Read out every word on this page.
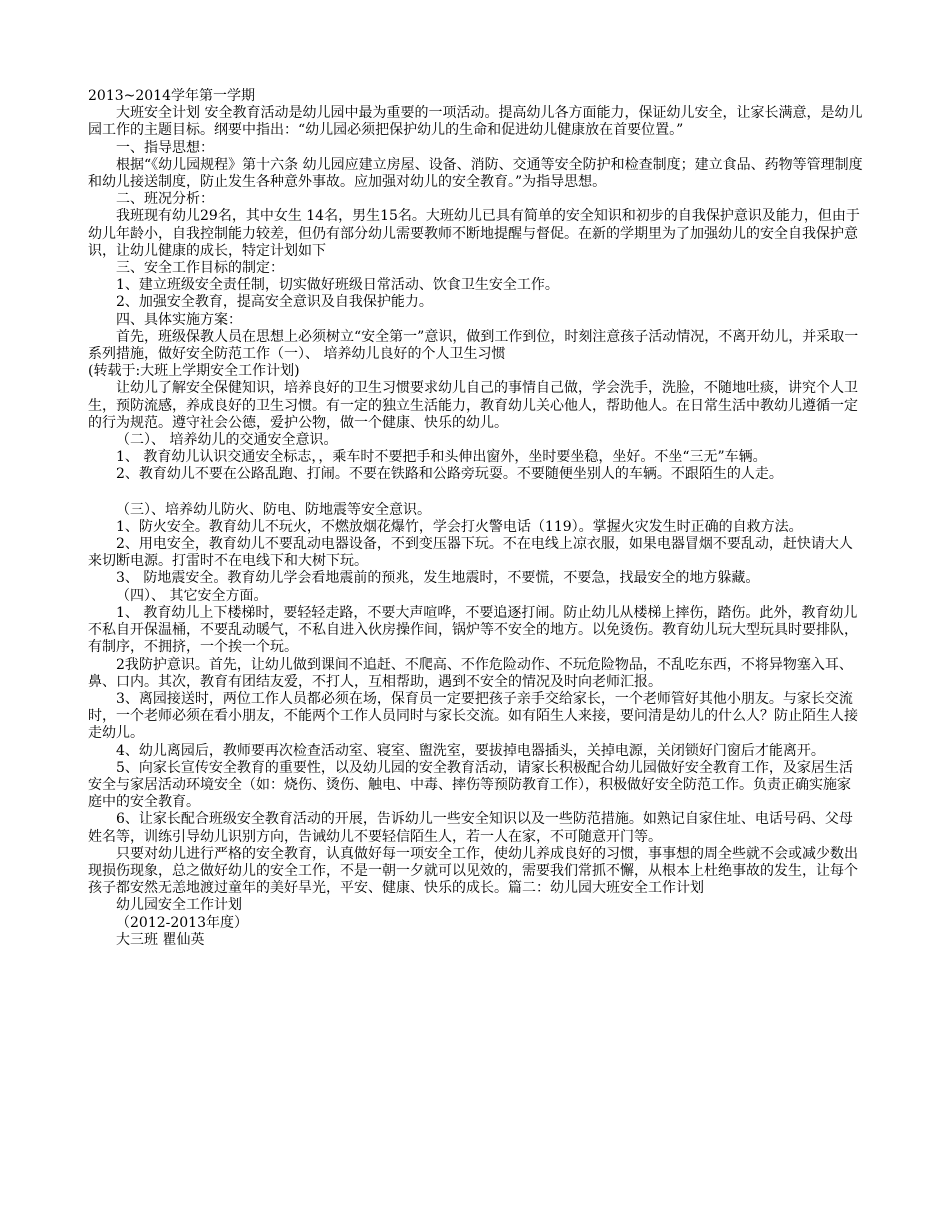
2013~2014学年第一学期

大班安全计划 安全教育活动是幼儿园中最为重要的一项活动。提高幼儿各方面能力，保证幼儿安全，让家长满意，是幼儿园工作的主题目标。纲要中指出：“幼儿园必须把保护幼儿的生命和促进幼儿健康放在首要位置。”

一、指导思想：

根据“《幼儿园规程》第十六条 幼儿园应建立房屋、设备、消防、交通等安全防护和检查制度；建立食品、药物等管理制度和幼儿接送制度，防止发生各种意外事故。应加强对幼儿的安全教育。”为指导思想。

二、班况分析：

我班现有幼儿29名，其中女生 14名，男生15名。大班幼儿已具有简单的安全知识和初步的自我保护意识及能力，但由于幼儿年龄小，自我控制能力较差，但仍有部分幼儿需要教师不断地提醒与督促。在新的学期里为了加强幼儿的安全自我保护意识，让幼儿健康的成长，特定计划如下

三、安全工作目标的制定：

1、建立班级安全责任制，切实做好班级日常活动、饮食卫生安全工作。

2、加强安全教育，提高安全意识及自我保护能力。

四、具体实施方案：

首先，班级保教人员在思想上必须树立“安全第一”意识，做到工作到位，时刻注意孩子活动情况，不离开幼儿，并采取一系列措施，做好安全防范工作（一）、 培养幼儿良好的个人卫生习惯

(转载于:大班上学期安全工作计划)

让幼儿了解安全保健知识，培养良好的卫生习惯要求幼儿自己的事情自己做，学会洗手，洗脸，不随地吐痰，讲究个人卫生，预防流感，养成良好的卫生习惯。有一定的独立生活能力，教育幼儿关心他人，帮助他人。在日常生活中教幼儿遵循一定的行为规范。遵守社会公德，爱护公物，做一个健康、快乐的幼儿。

（二）、 培养幼儿的交通安全意识。

1、 教育幼儿认识交通安全标志，，乘车时不要把手和头伸出窗外，坐时要坐稳，坐好。不坐“三无”车辆。

2、教育幼儿不要在公路乱跑、打闹。不要在铁路和公路旁玩耍。不要随便坐别人的车辆。不跟陌生的人走。

（三）、培养幼儿防火、防电、防地震等安全意识。

1、防火安全。教育幼儿不玩火，不燃放烟花爆竹，学会打火警电话（119）。掌握火灾发生时正确的自救方法。

2、用电安全，教育幼儿不要乱动电器设备，不到变压器下玩。不在电线上凉衣服，如果电器冒烟不要乱动，赶快请大人来切断电源。打雷时不在电线下和大树下玩。

3、 防地震安全。教育幼儿学会看地震前的预兆，发生地震时，不要慌，不要急，找最安全的地方躲藏。

（四）、 其它安全方面。

1、 教育幼儿上下楼梯时，要轻轻走路，不要大声喧哗，不要追逐打闹。防止幼儿从楼梯上摔伤，踏伤。此外，教育幼儿不私自开保温桶，不要乱动暖气，不私自进入伙房操作间，锅炉等不安全的地方。以免烫伤。教育幼儿玩大型玩具时要排队，有制序，不拥挤，一个挨一个玩。

2我防护意识。首先，让幼儿做到课间不追赶、不爬高、不作危险动作、不玩危险物品，不乱吃东西，不将异物塞入耳、鼻、口内。其次，教育有团结友爱，不打人，互相帮助，遇到不安全的情况及时向老师汇报。

3、离园接送时，两位工作人员都必须在场，保育员一定要把孩子亲手交给家长，一个老师管好其他小朋友。与家长交流时，一个老师必须在看小朋友，不能两个工作人员同时与家长交流。如有陌生人来接，要问清是幼儿的什么人？防止陌生人接走幼儿。

4、幼儿离园后，教师要再次检查活动室、寝室、盥洗室，要拔掉电器插头，关掉电源，关闭锁好门窗后才能离开。

5、向家长宣传安全教育的重要性，以及幼儿园的安全教育活动，请家长积极配合幼儿园做好安全教育工作，及家居生活安全与家居活动环境安全（如：烧伤、烫伤、触电、中毒、摔伤等预防教育工作），积极做好安全防范工作。负责正确实施家庭中的安全教育。

6、让家长配合班级安全教育活动的开展，告诉幼儿一些安全知识以及一些防范措施。如熟记自家住址、电话号码、父母姓名等，训练引导幼儿识别方向，告诫幼儿不要轻信陌生人，若一人在家，不可随意开门等。

只要对幼儿进行严格的安全教育，认真做好每一项安全工作，使幼儿养成良好的习惯，事事想的周全些就不会或减少数出现损伤现象，总之做好幼儿的安全工作，不是一朝一夕就可以见效的，需要我们常抓不懈，从根本上杜绝事故的发生，让每个孩子都安然无恙地渡过童年的美好旱光，平安、健康、快乐的成长。篇二：幼儿园大班安全工作计划

幼儿园安全工作计划

（2012-2013年度）

大三班 瞿仙英
